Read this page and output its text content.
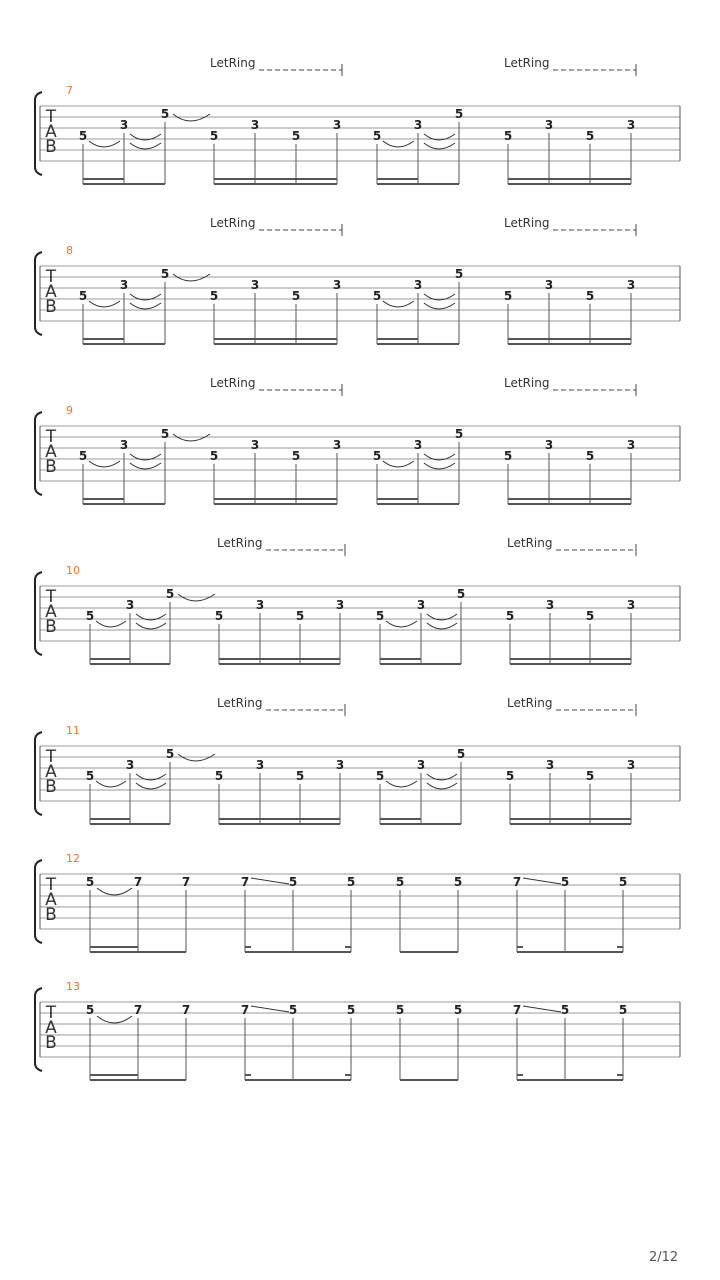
T
A
B
7
LetRing	LetRing
5
3
5
5
3
5
3
5
3
5
5
3
5
3
T
A
B
8
LetRing	LetRing
5
3
5
5
3
5
3
5
3
5
5
3
5
3
T
A
B
9
LetRing	LetRing
5
3
5
5
3
5
3
5
3
5
5
3
5
3
T
A
B
10
LetRing	LetRing
5
3
5
5
3
5
3
5
3
5
5
3
5
3
T
A
B
11
LetRing	LetRing
5
3
5
5
3
5
3
5
3
5
5
3
5
3
T
A
B
12
5	7	7	7	5	5	5	5	7	5	5
T
A
B
13
5	7	7	7	5	5	5	5	7	5	5
2/12
